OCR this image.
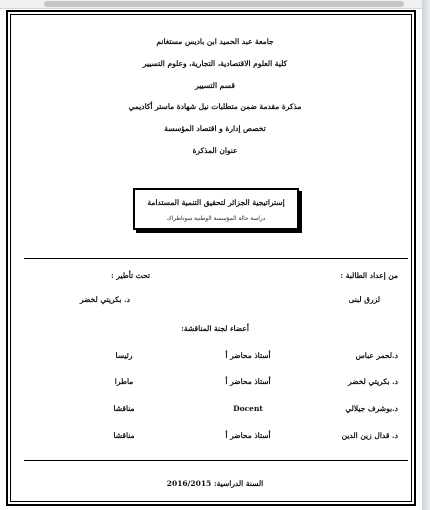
جامعة عبد الحميد ابن باديس مستغانم
كلية العلوم الاقتصادية، التجارية، وعلوم التسيير
قسم التسيير
مذكرة مقدمة ضمن متطلبات نيل شهادة ماستر أكاديمي
تخصص إدارة و اقتصاد المؤسسة
عنوان المذكرة
إستراتيجية الجزائر لتحقيق التنمية المستدامة
دراسة حالة المؤسسة الوطنية سوناطراك
من إعداد الطالبة :
تحت تأطير :
لزرق لبنى
د. بكريتي لخضر
أعضاء لجنة المناقشة:
د.لحمر عباس
أستاذ محاضر أ
رئيسا
د. بكريتي لخضر
أستاذ محاضر أ
ماطرا
د.بوشرف جيلالي
Docent
مناقشا
د. قدال زين الدين
أستاذ محاضر أ
مناقشا
السنة الدراسية: 2016/2015
